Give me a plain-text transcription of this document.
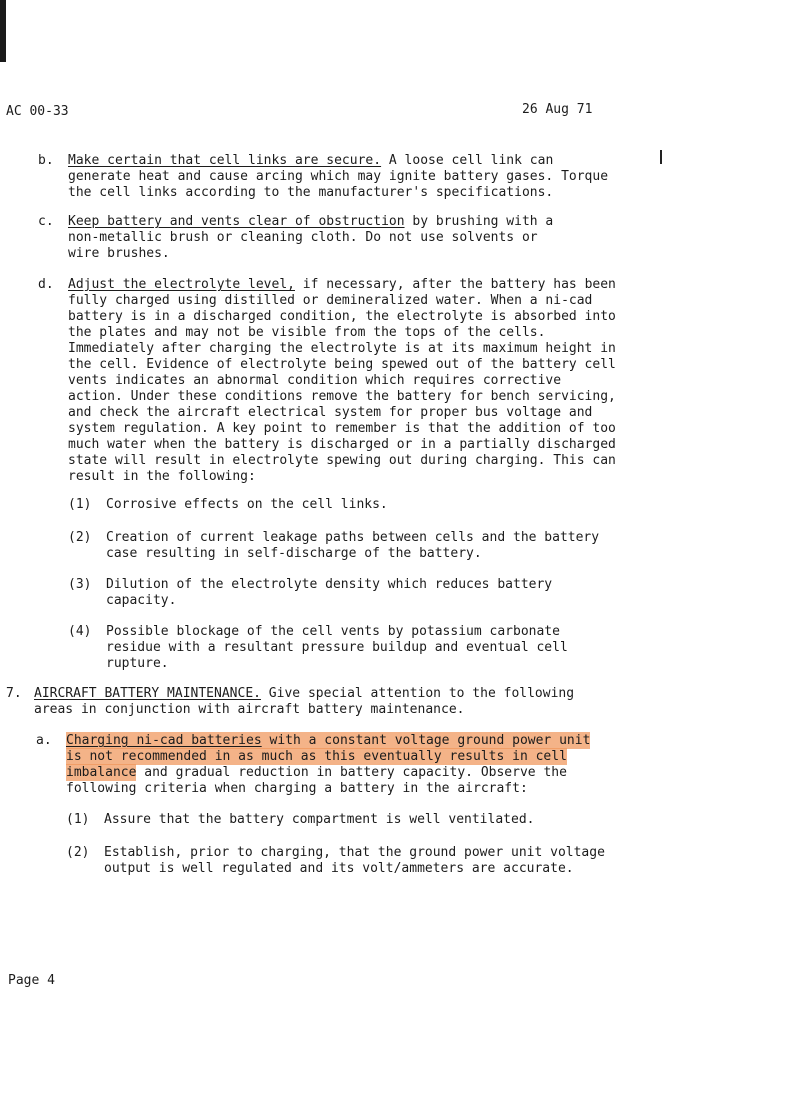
AC 00-33	26 Aug 71
b. Make certain that cell links are secure. A loose cell link can generate heat and cause arcing which may ignite battery gases. Torque the cell links according to the manufacturer's specifications.
c. Keep battery and vents clear of obstruction by brushing with a non-metallic brush or cleaning cloth. Do not use solvents or wire brushes.
d. Adjust the electrolyte level, if necessary, after the battery has been fully charged using distilled or demineralized water. When a ni-cad battery is in a discharged condition, the electrolyte is absorbed into the plates and may not be visible from the tops of the cells. Immediately after charging the electrolyte is at its maximum height in the cell. Evidence of electrolyte being spewed out of the battery cell vents indicates an abnormal condition which requires corrective action. Under these conditions remove the battery for bench servicing, and check the aircraft electrical system for proper bus voltage and system regulation. A key point to remember is that the addition of too much water when the battery is discharged or in a partially discharged state will result in electrolyte spewing out during charging. This can result in the following:
(1) Corrosive effects on the cell links.
(2) Creation of current leakage paths between cells and the battery case resulting in self-discharge of the battery.
(3) Dilution of the electrolyte density which reduces battery capacity.
(4) Possible blockage of the cell vents by potassium carbonate residue with a resultant pressure buildup and eventual cell rupture.
7. AIRCRAFT BATTERY MAINTENANCE. Give special attention to the following areas in conjunction with aircraft battery maintenance.
a. Charging ni-cad batteries with a constant voltage ground power unit is not recommended in as much as this eventually results in cell imbalance and gradual reduction in battery capacity. Observe the following criteria when charging a battery in the aircraft:
(1) Assure that the battery compartment is well ventilated.
(2) Establish, prior to charging, that the ground power unit voltage output is well regulated and its volt/ammeters are accurate.
Page 4
